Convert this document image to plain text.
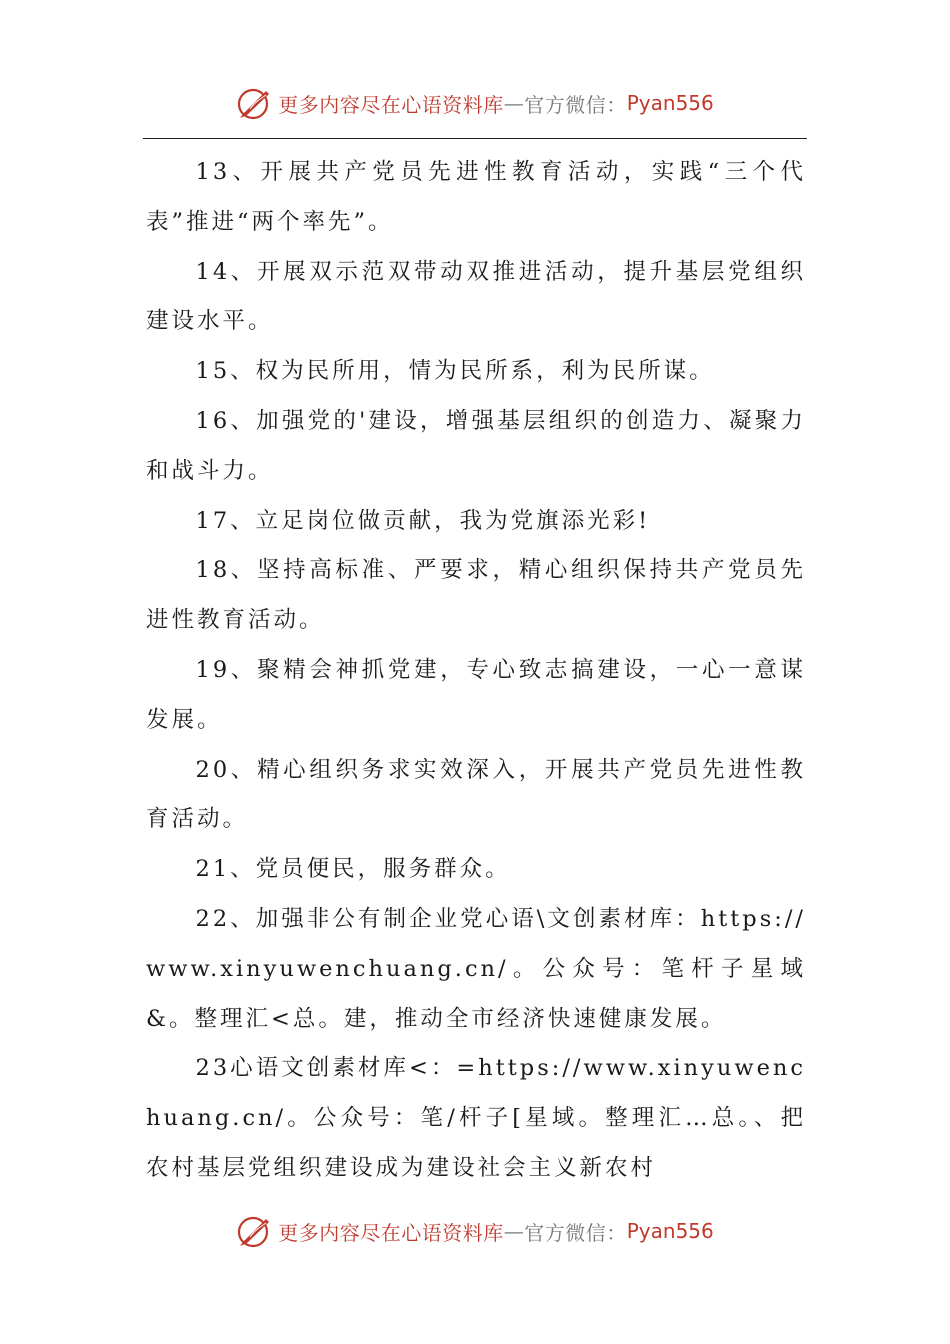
更多内容尽在心语资料库 — 官方微信： Pyan556

13、开展共产党员先进性教育活动，实践“三个代表”推进“两个率先”。

14、开展双示范双带动双推进活动，提升基层党组织建设水平。

15、权为民所用，情为民所系，利为民所谋。

16、加强党的'建设，增强基层组织的创造力、凝聚力和战斗力。

17、立足岗位做贡献，我为党旗添光彩!

18、坚持高标准、严要求，精心组织保持共产党员先进性教育活动。

19、聚精会神抓党建，专心致志搞建设，一心一意谋发展。

20、精心组织务求实效深入，开展共产党员先进性教育活动。

21、党员便民，服务群众。

22、加强非公有制企业党心语\文创素材库：https://www.xinyuwenchuang.cn/。公众号：笔杆子星域&。整理汇<总。建，推动全市经济快速健康发展。

23心语文创素材库<：=https://www.xinyuwenchuang.cn/。公众号：笔/杆子[星域。整理汇…总。、把农村基层党组织建设成为建设社会主义新农村

更多内容尽在心语资料库 — 官方微信： Pyan556
